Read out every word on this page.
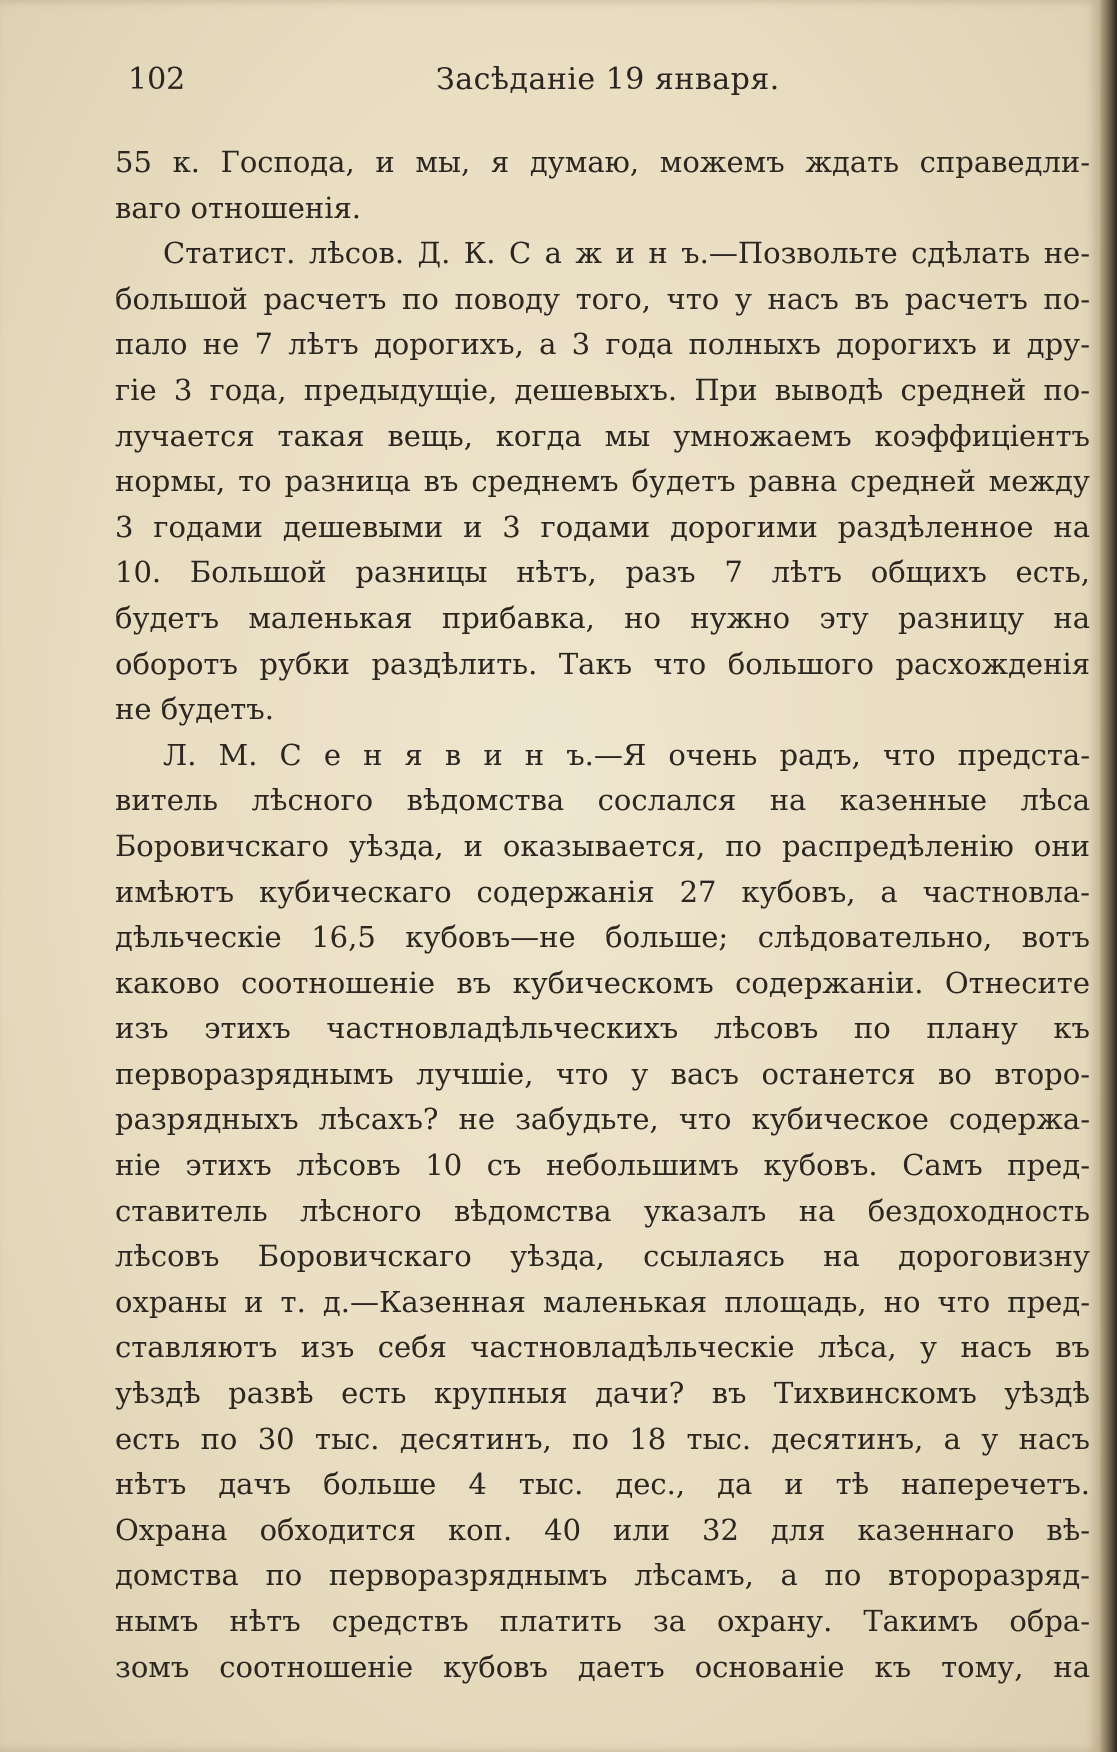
102	Засѣданіе 19 января.
55 к. Господа, и мы, я думаю, можемъ ждать справедли-
ваго отношенія.
Статист. лѣсов. Д. К. С а ж и н ъ.—Позвольте сдѣлать не-
большой расчетъ по поводу того, что у насъ въ расчетъ по-
пало не 7 лѣтъ дорогихъ, а 3 года полныхъ дорогихъ и дру-
гіе 3 года, предыдущіе, дешевыхъ. При выводѣ средней по-
лучается такая вещь, когда мы умножаемъ коэффиціентъ
нормы, то разница въ среднемъ будетъ равна средней между
3 годами дешевыми и 3 годами дорогими раздѣленное на
10. Большой разницы нѣтъ, разъ 7 лѣтъ общихъ есть,
будетъ маленькая прибавка, но нужно эту разницу на
оборотъ рубки раздѣлить. Такъ что большого расхожденія
не будетъ.
Л. М. С е н я в и н ъ.—Я очень радъ, что предста-
витель лѣсного вѣдомства сослался на казенные лѣса
Боровичскаго уѣзда, и оказывается, по распредѣленію они
имѣютъ кубическаго содержанія 27 кубовъ, а частновла-
дѣльческіе 16,5 кубовъ—не больше; слѣдовательно, вотъ
каково соотношеніе въ кубическомъ содержаніи. Отнесите
изъ этихъ частновладѣльческихъ лѣсовъ по плану къ
перворазряднымъ лучшіе, что у васъ останется во второ-
разрядныхъ лѣсахъ? не забудьте, что кубическое содержа-
ніе этихъ лѣсовъ 10 съ небольшимъ кубовъ. Самъ пред-
ставитель лѣсного вѣдомства указалъ на бездоходность
лѣсовъ Боровичскаго уѣзда, ссылаясь на дороговизну
охраны и т. д.—Казенная маленькая площадь, но что пред-
ставляютъ изъ себя частновладѣльческіе лѣса, у насъ въ
уѣздѣ развѣ есть крупныя дачи? въ Тихвинскомъ уѣздѣ
есть по 30 тыс. десятинъ, по 18 тыс. десятинъ, а у насъ
нѣтъ дачъ больше 4 тыс. дес., да и тѣ наперечетъ.
Охрана обходится коп. 40 или 32 для казеннаго вѣ-
домства по перворазряднымъ лѣсамъ, а по второразряд-
нымъ нѣтъ средствъ платить за охрану. Такимъ обра-
зомъ соотношеніе кубовъ даетъ основаніе къ тому, на
